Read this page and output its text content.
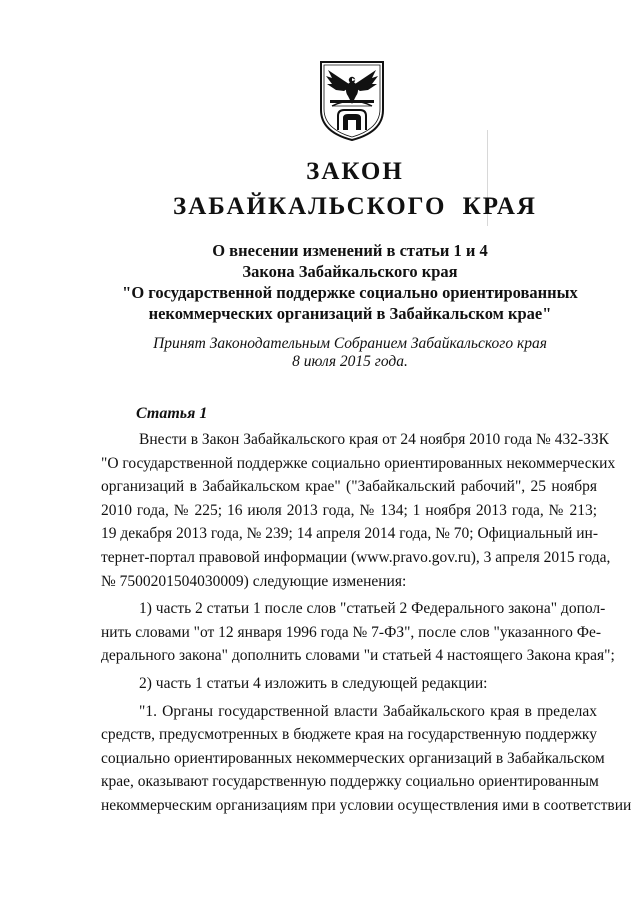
ЗАКОН
ЗАБАЙКАЛЬСКОГО КРАЯ
О внесении изменений в статьи 1 и 4
Закона Забайкальского края
"О государственной поддержке социально ориентированных
некоммерческих организаций в Забайкальском крае"
Принят Законодательным Собранием Забайкальского края
8 июля 2015 года.
Статья 1
Внести в Закон Забайкальского края от 24 ноября 2010 года № 432-ЗЗК
"О государственной поддержке социально ориентированных некоммерческих
организаций в Забайкальском крае" ("Забайкальский рабочий", 25 ноября
2010 года, № 225; 16 июля 2013 года, № 134; 1 ноября 2013 года, № 213;
19 декабря 2013 года, № 239; 14 апреля 2014 года, № 70; Официальный ин-
тернет-портал правовой информации (www.pravo.gov.ru), 3 апреля 2015 года,
№ 7500201504030009) следующие изменения:
1) часть 2 статьи 1 после слов "статьей 2 Федерального закона" допол-
нить словами "от 12 января 1996 года № 7-ФЗ", после слов "указанного Фе-
дерального закона" дополнить словами "и статьей 4 настоящего Закона края";
2) часть 1 статьи 4 изложить в следующей редакции:
"1. Органы государственной власти Забайкальского края в пределах
средств, предусмотренных в бюджете края на государственную поддержку
социально ориентированных некоммерческих организаций в Забайкальском
крае, оказывают государственную поддержку социально ориентированным
некоммерческим организациям при условии осуществления ими в соответствии
